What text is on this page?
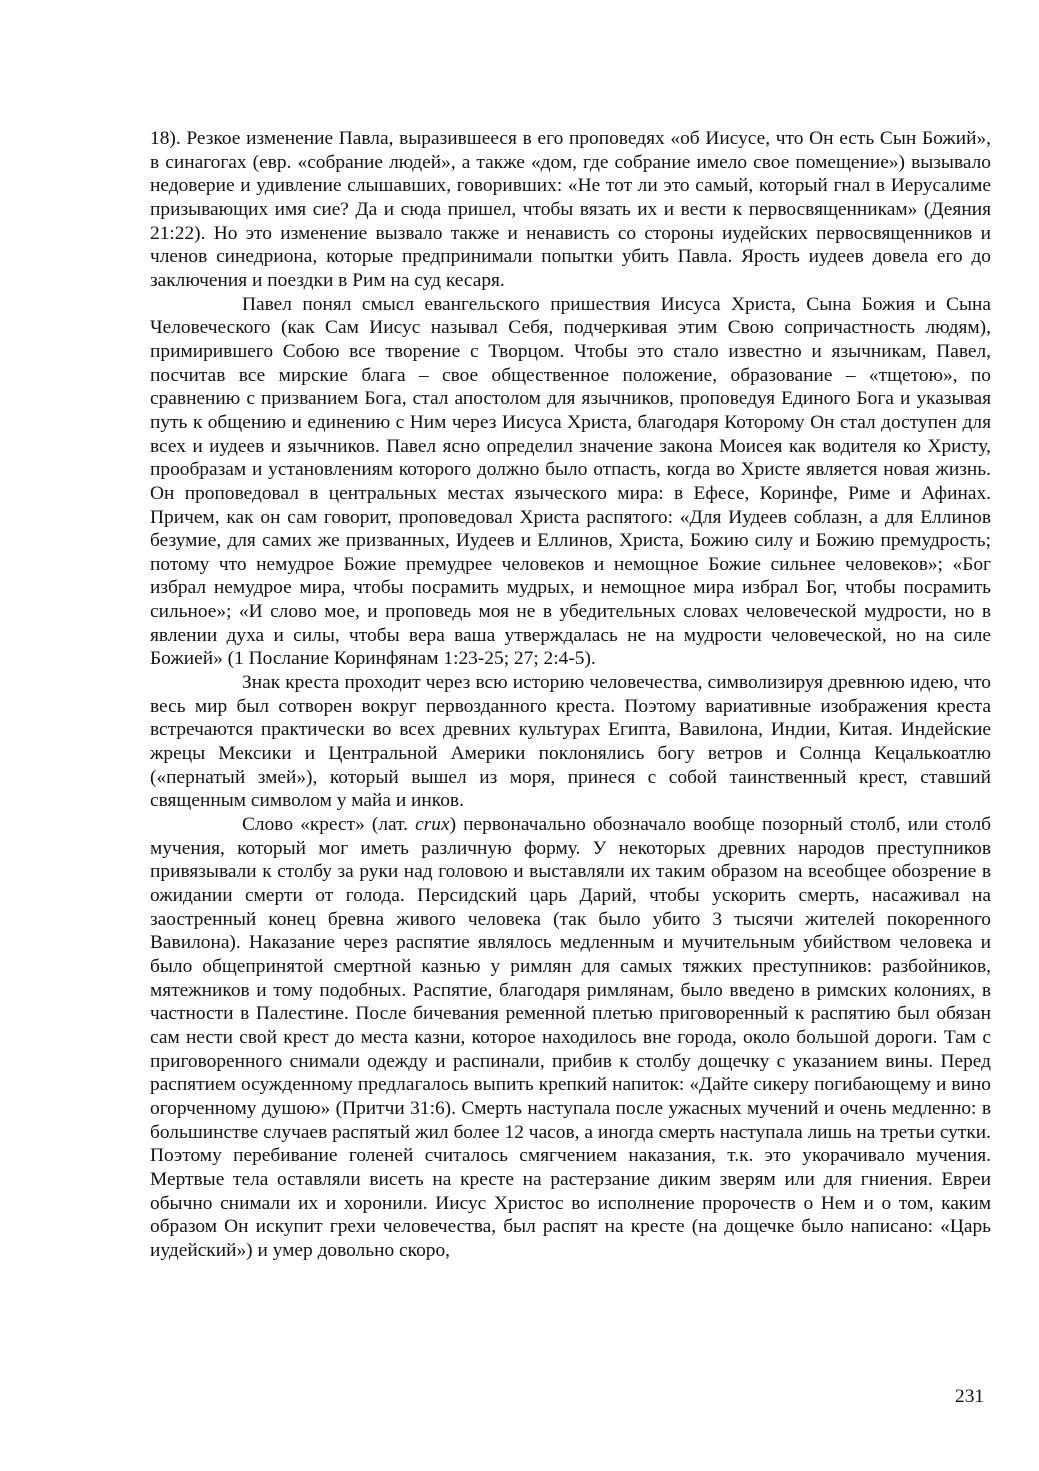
18). Резкое изменение Павла, выразившееся в его проповедях «об Иисусе, что Он есть Сын Божий», в синагогах (евр. «собрание людей», а также «дом, где собрание имело свое помещение») вызывало недоверие и удивление слышавших, говоривших: «Не тот ли это самый, который гнал в Иерусалиме призывающих имя сие? Да и сюда пришел, чтобы вязать их и вести к первосвященникам» (Деяния 21:22). Но это изменение вызвало также и ненависть со стороны иудейских первосвященников и членов синедриона, которые предпринимали попытки убить Павла. Ярость иудеев довела его до заключения и поездки в Рим на суд кесаря.

Павел понял смысл евангельского пришествия Иисуса Христа, Сына Божия и Сына Человеческого (как Сам Иисус называл Себя, подчеркивая этим Свою сопричастность людям), примирившего Собою все творение с Творцом. Чтобы это стало известно и язычникам, Павел, посчитав все мирские блага – свое общественное положение, образование – «тщетою», по сравнению с призванием Бога, стал апостолом для язычников, проповедуя Единого Бога и указывая путь к общению и единению с Ним через Иисуса Христа, благодаря Которому Он стал доступен для всех и иудеев и язычников. Павел ясно определил значение закона Моисея как водителя ко Христу, прообразам и установлениям которого должно было отпасть, когда во Христе является новая жизнь. Он проповедовал в центральных местах языческого мира: в Ефесе, Коринфе, Риме и Афинах. Причем, как он сам говорит, проповедовал Христа распятого: «Для Иудеев соблазн, а для Еллинов безумие, для самих же призванных, Иудеев и Еллинов, Христа, Божию силу и Божию премудрость; потому что немудрое Божие премудрее человеков и немощное Божие сильнее человеков»; «Бог избрал немудрое мира, чтобы посрамить мудрых, и немощное мира избрал Бог, чтобы посрамить сильное»; «И слово мое, и проповедь моя не в убедительных словах человеческой мудрости, но в явлении духа и силы, чтобы вера ваша утверждалась не на мудрости человеческой, но на силе Божией» (1 Послание Коринфянам 1:23-25; 27; 2:4-5).

Знак креста проходит через всю историю человечества, символизируя древнюю идею, что весь мир был сотворен вокруг первозданного креста. Поэтому вариативные изображения креста встречаются практически во всех древних культурах Египта, Вавилона, Индии, Китая. Индейские жрецы Мексики и Центральной Америки поклонялись богу ветров и Солнца Кецалькоатлю («пернатый змей»), который вышел из моря, принеся с собой таинственный крест, ставший священным символом у майа и инков.

Слово «крест» (лат. crux) первоначально обозначало вообще позорный столб, или столб мучения, который мог иметь различную форму. У некоторых древних народов преступников привязывали к столбу за руки над головою и выставляли их таким образом на всеобщее обозрение в ожидании смерти от голода. Персидский царь Дарий, чтобы ускорить смерть, насаживал на заостренный конец бревна живого человека (так было убито 3 тысячи жителей покоренного Вавилона). Наказание через распятие являлось медленным и мучительным убийством человека и было общепринятой смертной казнью у римлян для самых тяжких преступников: разбойников, мятежников и тому подобных. Распятие, благодаря римлянам, было введено в римских колониях, в частности в Палестине. После бичевания ременной плетью приговоренный к распятию был обязан сам нести свой крест до места казни, которое находилось вне города, около большой дороги. Там с приговоренного снимали одежду и распинали, прибив к столбу дощечку с указанием вины. Перед распятием осужденному предлагалось выпить крепкий напиток: «Дайте сикеру погибающему и вино огорченному душою» (Притчи 31:6). Смерть наступала после ужасных мучений и очень медленно: в большинстве случаев распятый жил более 12 часов, а иногда смерть наступала лишь на третьи сутки. Поэтому перебивание голеней считалось смягчением наказания, т.к. это укорачивало мучения. Мертвые тела оставляли висеть на кресте на растерзание диким зверям или для гниения. Евреи обычно снимали их и хоронили. Иисус Христос во исполнение пророчеств о Нем и о том, каким образом Он искупит грехи человечества, был распят на кресте (на дощечке было написано: «Царь иудейский») и умер довольно скоро,

231
